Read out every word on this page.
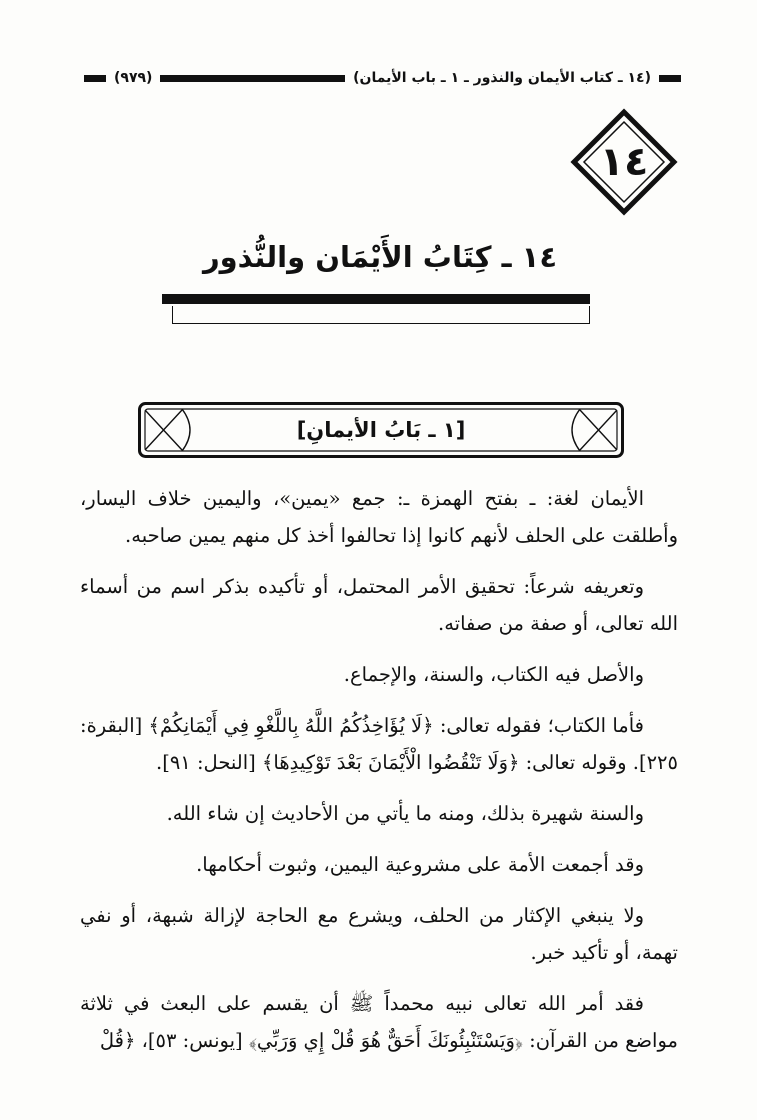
(٩٧٩)	(١٤ ـ كتاب الأيمان والنذور ـ ١ ـ باب الأيمان)
١٤
١٤ ـ كِتَابُ الأَيْمَان والنُّذور
[١ ـ بَابُ الأيمانِ]

الأيمان لغة: ـ بفتح الهمزة ـ: جمع «يمين»، واليمين خلاف اليسار، وأطلقت على الحلف لأنهم كانوا إذا تحالفوا أخذ كل منهم يمين صاحبه.

وتعريفه شرعاً: تحقيق الأمر المحتمل، أو تأكيده بذكر اسم من أسماء الله تعالى، أو صفة من صفاته.

والأصل فيه الكتاب، والسنة، والإجماع.

فأما الكتاب؛ فقوله تعالى: ﴿لَا يُؤَاخِذُكُمُ اللَّهُ بِاللَّغْوِ فِي أَيْمَانِكُمْ﴾ [البقرة: ٢٢٥]. وقوله تعالى: ﴿وَلَا تَنْقُضُوا الْأَيْمَانَ بَعْدَ تَوْكِيدِهَا﴾ [النحل: ٩١].

والسنة شهيرة بذلك، ومنه ما يأتي من الأحاديث إن شاء الله.

وقد أجمعت الأمة على مشروعية اليمين، وثبوت أحكامها.

ولا ينبغي الإكثار من الحلف، ويشرع مع الحاجة لإزالة شبهة، أو نفي تهمة، أو تأكيد خبر.

فقد أمر الله تعالى نبيه محمداً ﷺ أن يقسم على البعث في ثلاثة مواضع من القرآن: ﴿وَيَسْتَنْبِئُونَكَ أَحَقٌّ هُوَ قُلْ إِي وَرَبِّي﴾ [يونس: ٥٣]، ﴿قُلْ
